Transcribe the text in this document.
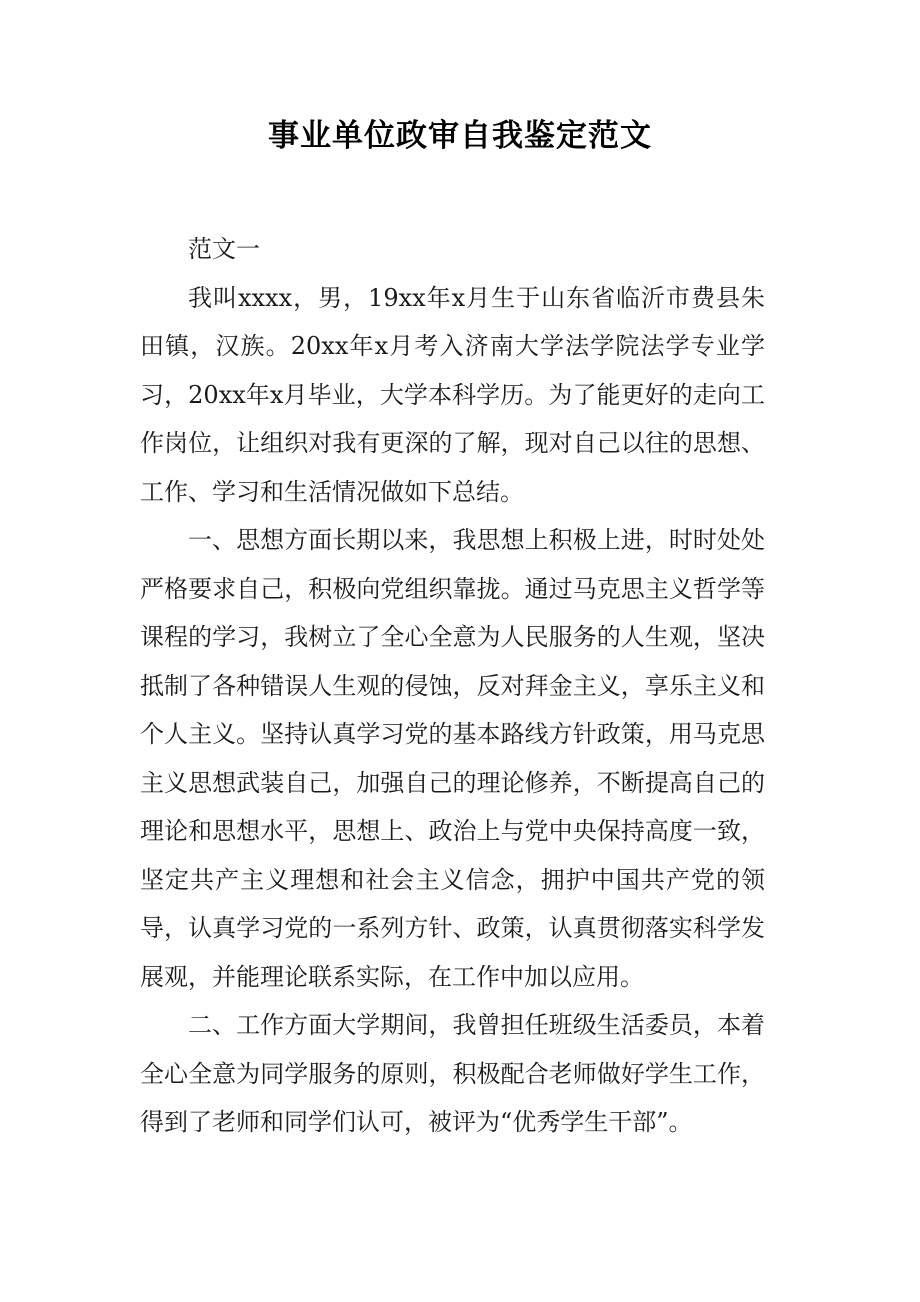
事业单位政审自我鉴定范文

范文一

我叫xxxx，男，19xx年x月生于山东省临沂市费县朱田镇，汉族。20xx年x月考入济南大学法学院法学专业学习，20xx年x月毕业，大学本科学历。为了能更好的走向工作岗位，让组织对我有更深的了解，现对自己以往的思想、工作、学习和生活情况做如下总结。

一、思想方面长期以来，我思想上积极上进，时时处处严格要求自己，积极向党组织靠拢。通过马克思主义哲学等课程的学习，我树立了全心全意为人民服务的人生观，坚决抵制了各种错误人生观的侵蚀，反对拜金主义，享乐主义和个人主义。坚持认真学习党的基本路线方针政策，用马克思主义思想武装自己，加强自己的理论修养，不断提高自己的理论和思想水平，思想上、政治上与党中央保持高度一致，坚定共产主义理想和社会主义信念，拥护中国共产党的领导，认真学习党的一系列方针、政策，认真贯彻落实科学发展观，并能理论联系实际，在工作中加以应用。

二、工作方面大学期间，我曾担任班级生活委员，本着全心全意为同学服务的原则，积极配合老师做好学生工作，得到了老师和同学们认可，被评为“优秀学生干部”。
